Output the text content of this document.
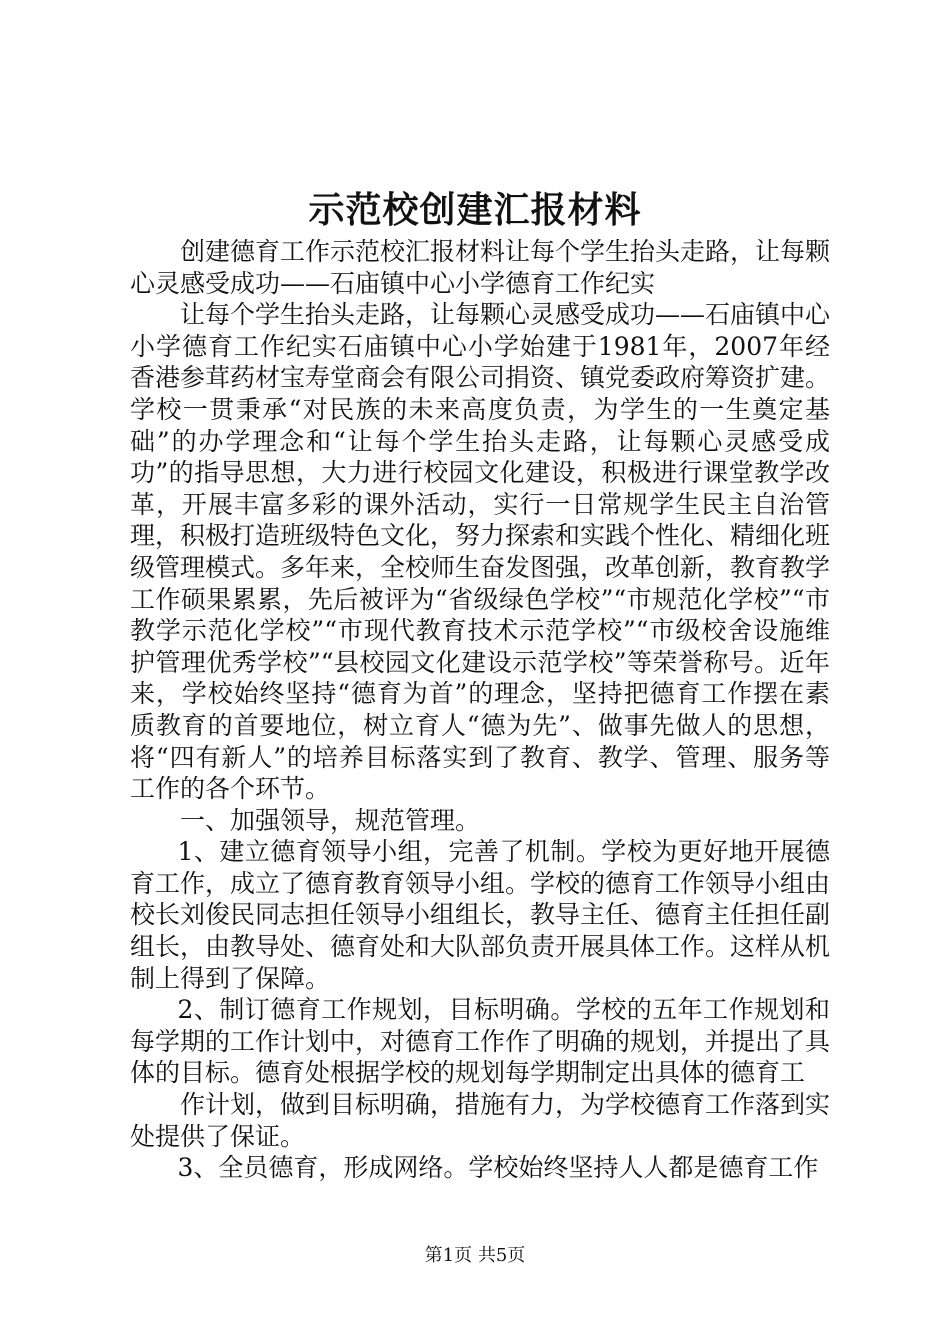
示范校创建汇报材料

创建德育工作示范校汇报材料让每个学生抬头走路，让每颗心灵感受成功——石庙镇中心小学德育工作纪实

让每个学生抬头走路，让每颗心灵感受成功——石庙镇中心小学德育工作纪实石庙镇中心小学始建于1981年，2007年经香港参茸药材宝寿堂商会有限公司捐资、镇党委政府筹资扩建。学校一贯秉承“对民族的未来高度负责，为学生的一生奠定基础”的办学理念和“让每个学生抬头走路，让每颗心灵感受成功”的指导思想，大力进行校园文化建设，积极进行课堂教学改革，开展丰富多彩的课外活动，实行一日常规学生民主自治管理，积极打造班级特色文化，努力探索和实践个性化、精细化班级管理模式。多年来，全校师生奋发图强，改革创新，教育教学工作硕果累累，先后被评为“省级绿色学校”“市规范化学校”“市教学示范化学校”“市现代教育技术示范学校”“市级校舍设施维护管理优秀学校”“县校园文化建设示范学校”等荣誉称号。近年来，学校始终坚持“德育为首”的理念，坚持把德育工作摆在素质教育的首要地位，树立育人“德为先”、做事先做人的思想，将“四有新人”的培养目标落实到了教育、教学、管理、服务等工作的各个环节。

一、加强领导，规范管理。

1、建立德育领导小组，完善了机制。学校为更好地开展德育工作，成立了德育教育领导小组。学校的德育工作领导小组由校长刘俊民同志担任领导小组组长，教导主任、德育主任担任副组长，由教导处、德育处和大队部负责开展具体工作。这样从机制上得到了保障。

2、制订德育工作规划，目标明确。学校的五年工作规划和每学期的工作计划中，对德育工作作了明确的规划，并提出了具体的目标。德育处根据学校的规划每学期制定出具体的德育工

作计划，做到目标明确，措施有力，为学校德育工作落到实处提供了保证。

3、全员德育，形成网络。学校始终坚持人人都是德育工作

第1页 共5页
